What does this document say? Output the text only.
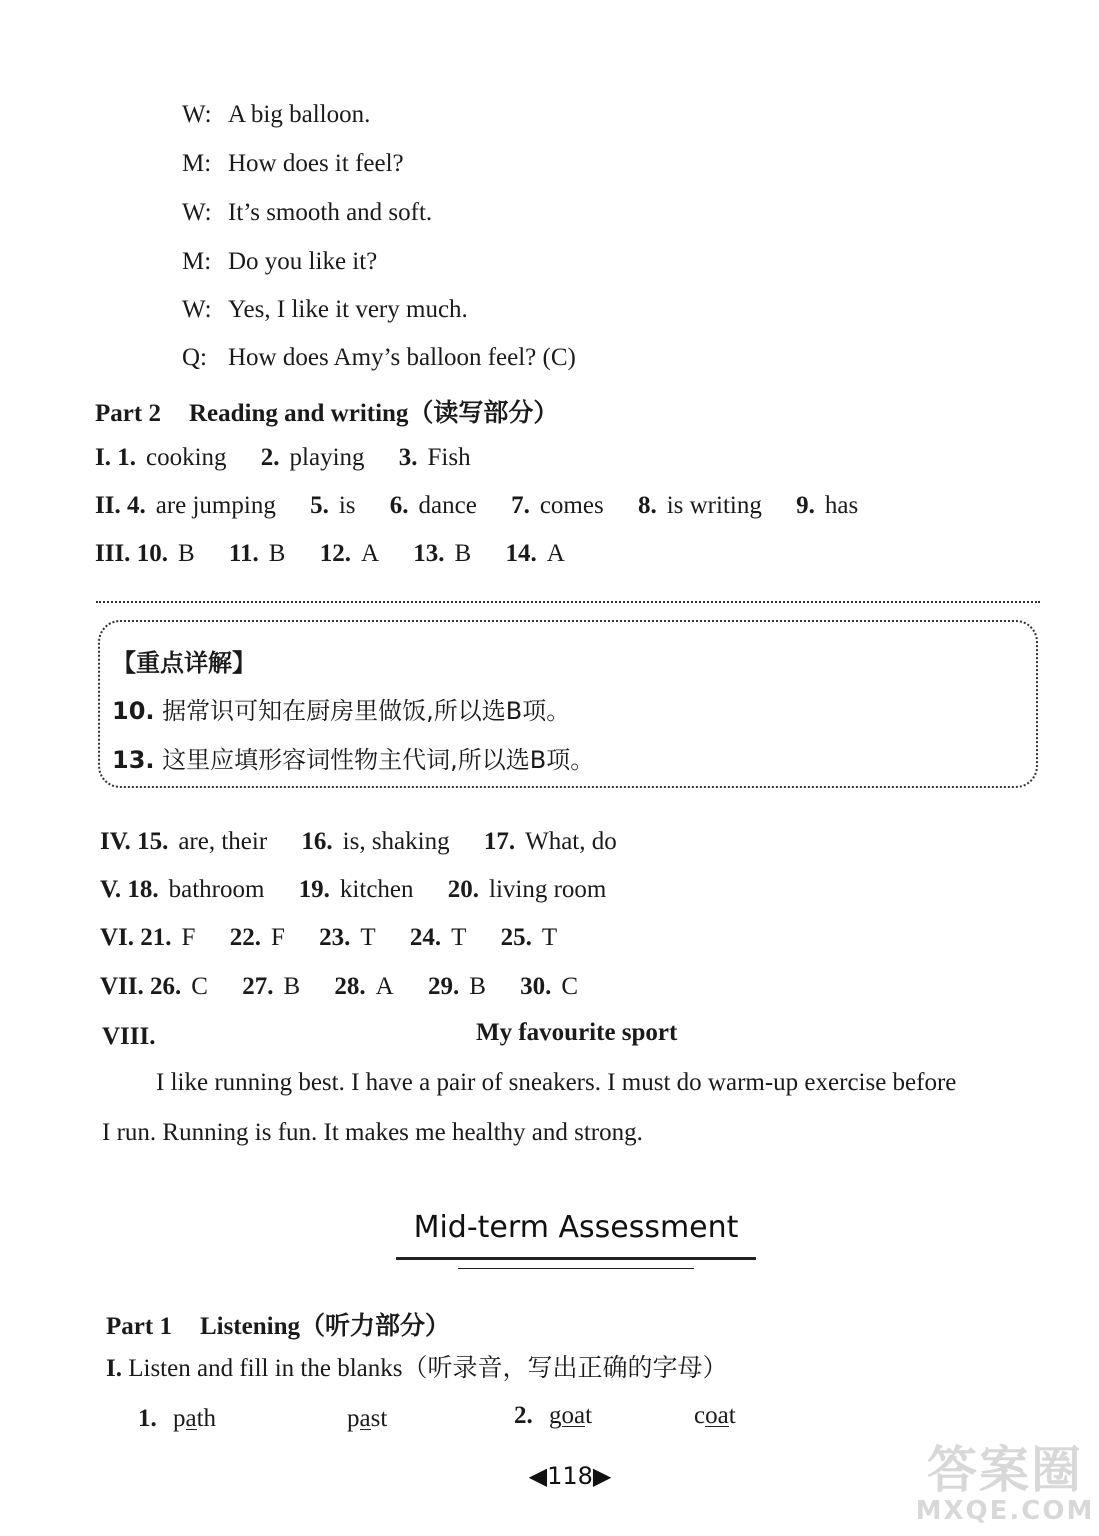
W: A big balloon.
M: How does it feel?
W: It’s smooth and soft.
M: Do you like it?
W: Yes, I like it very much.
Q: How does Amy’s balloon feel? (C)
Part 2 Reading and writing（读写部分）
I. 1. cooking 2. playing 3. Fish
II. 4. are jumping 5. is 6. dance 7. comes 8. is writing 9. has
III. 10. B 11. B 12. A 13. B 14. A
【重点详解】
10. 据常识可知在厨房里做饭,所以选B项。
13. 这里应填形容词性物主代词,所以选B项。
IV. 15. are, their 16. is, shaking 17. What, do
V. 18. bathroom 19. kitchen 20. living room
VI. 21. F 22. F 23. T 24. T 25. T
VII. 26. C 27. B 28. A 29. B 30. C
VIII.	My favourite sport
I like running best. I have a pair of sneakers. I must do warm-up exercise before
I run. Running is fun. It makes me healthy and strong.
Mid-term Assessment
Part 1 Listening（听力部分）
I. Listen and fill in the blanks（听录音，写出正确的字母）
1. path	past	2. goat	coat
◀118▶	答案圈
MXQE.COM
